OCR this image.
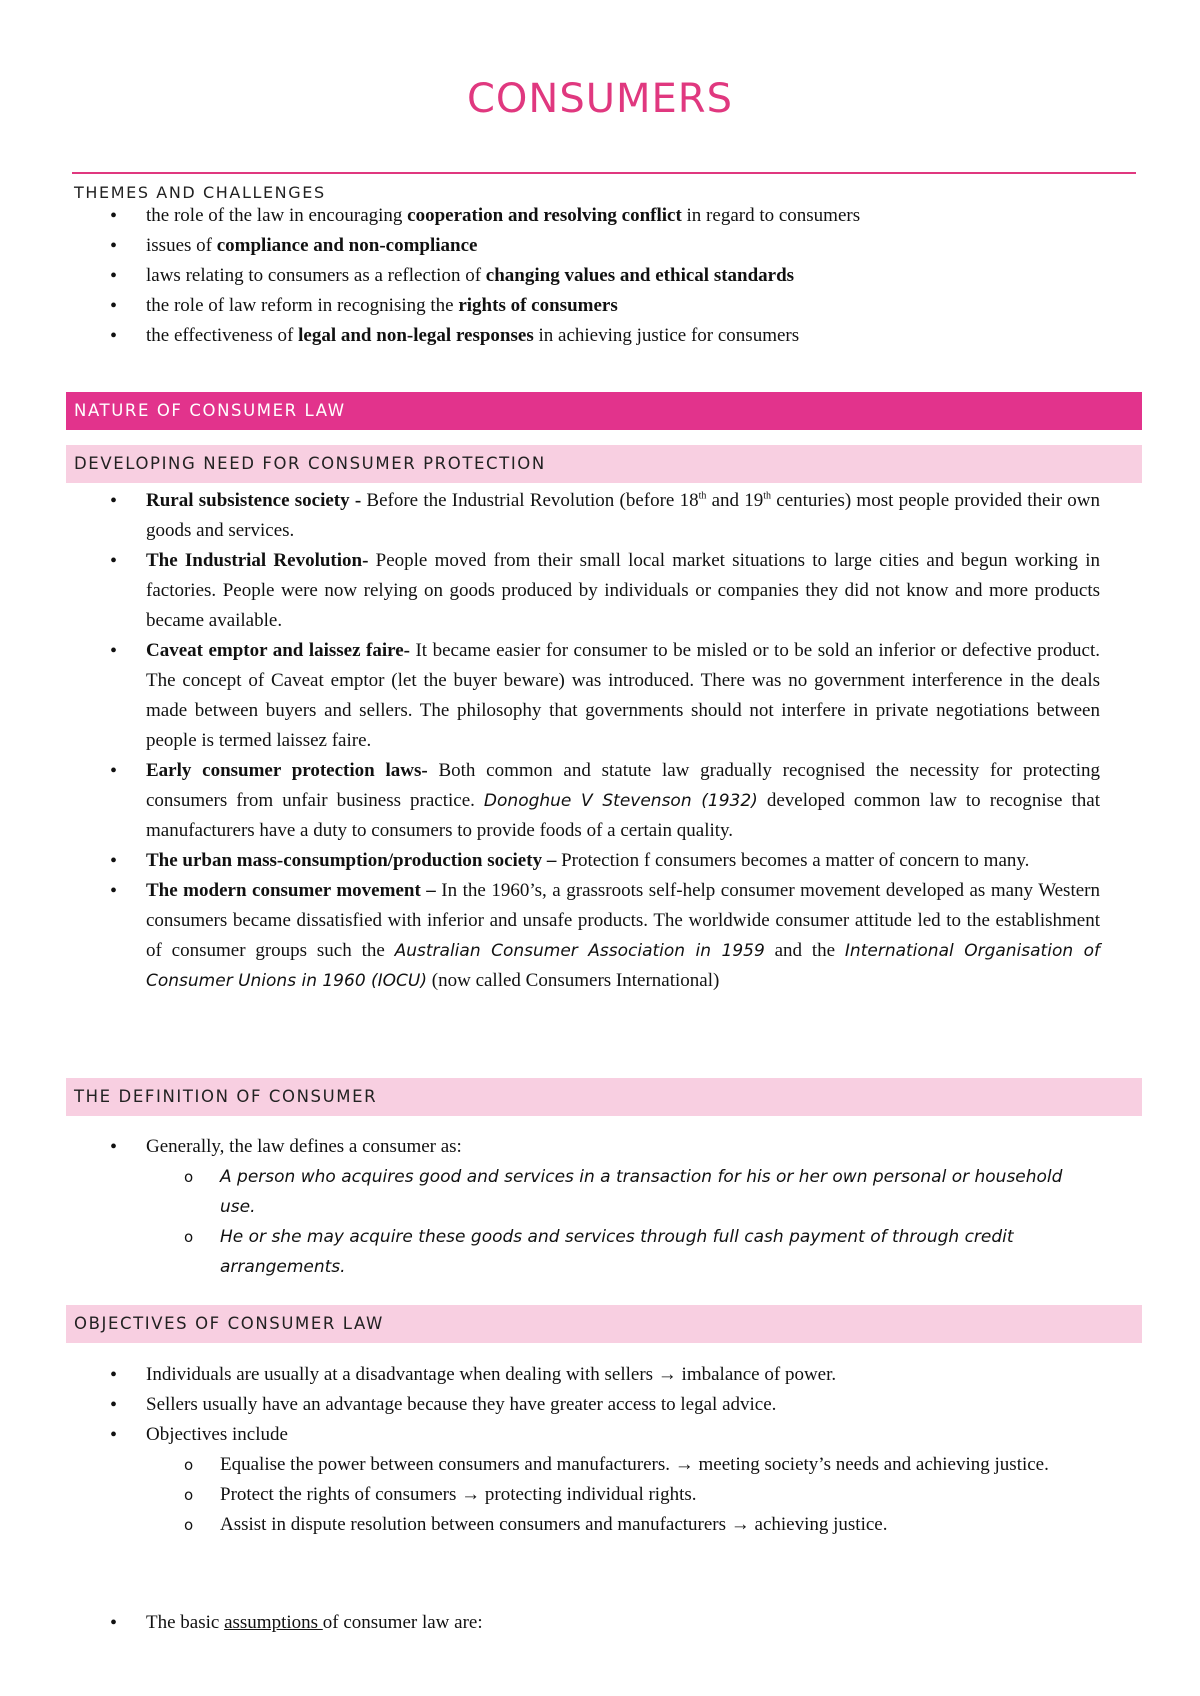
CONSUMERS
THEMES AND CHALLENGES
• the role of the law in encouraging cooperation and resolving conflict in regard to consumers
• issues of compliance and non-compliance
• laws relating to consumers as a reflection of changing values and ethical standards
• the role of law reform in recognising the rights of consumers
• the effectiveness of legal and non-legal responses in achieving justice for consumers
NATURE OF CONSUMER LAW
DEVELOPING NEED FOR CONSUMER PROTECTION
• Rural subsistence society - Before the Industrial Revolution (before 18th and 19th centuries) most people provided their own goods and services.
• The Industrial Revolution- People moved from their small local market situations to large cities and begun working in factories. People were now relying on goods produced by individuals or companies they did not know and more products became available.
• Caveat emptor and laissez faire- It became easier for consumer to be misled or to be sold an inferior or defective product. The concept of Caveat emptor (let the buyer beware) was introduced. There was no government interference in the deals made between buyers and sellers. The philosophy that governments should not interfere in private negotiations between people is termed laissez faire.
• Early consumer protection laws- Both common and statute law gradually recognised the necessity for protecting consumers from unfair business practice. Donoghue V Stevenson (1932) developed common law to recognise that manufacturers have a duty to consumers to provide foods of a certain quality.
• The urban mass-consumption/production society – Protection f consumers becomes a matter of concern to many.
• The modern consumer movement – In the 1960’s, a grassroots self-help consumer movement developed as many Western consumers became dissatisfied with inferior and unsafe products. The worldwide consumer attitude led to the establishment of consumer groups such the Australian Consumer Association in 1959 and the International Organisation of Consumer Unions in 1960 (IOCU) (now called Consumers International)
THE DEFINITION OF CONSUMER
• Generally, the law defines a consumer as:
o A person who acquires good and services in a transaction for his or her own personal or household use.
o He or she may acquire these goods and services through full cash payment of through credit arrangements.
OBJECTIVES OF CONSUMER LAW
• Individuals are usually at a disadvantage when dealing with sellers → imbalance of power.
• Sellers usually have an advantage because they have greater access to legal advice.
• Objectives include
o Equalise the power between consumers and manufacturers. → meeting society’s needs and achieving justice.
o Protect the rights of consumers → protecting individual rights.
o Assist in dispute resolution between consumers and manufacturers → achieving justice.
• The basic assumptions of consumer law are:
